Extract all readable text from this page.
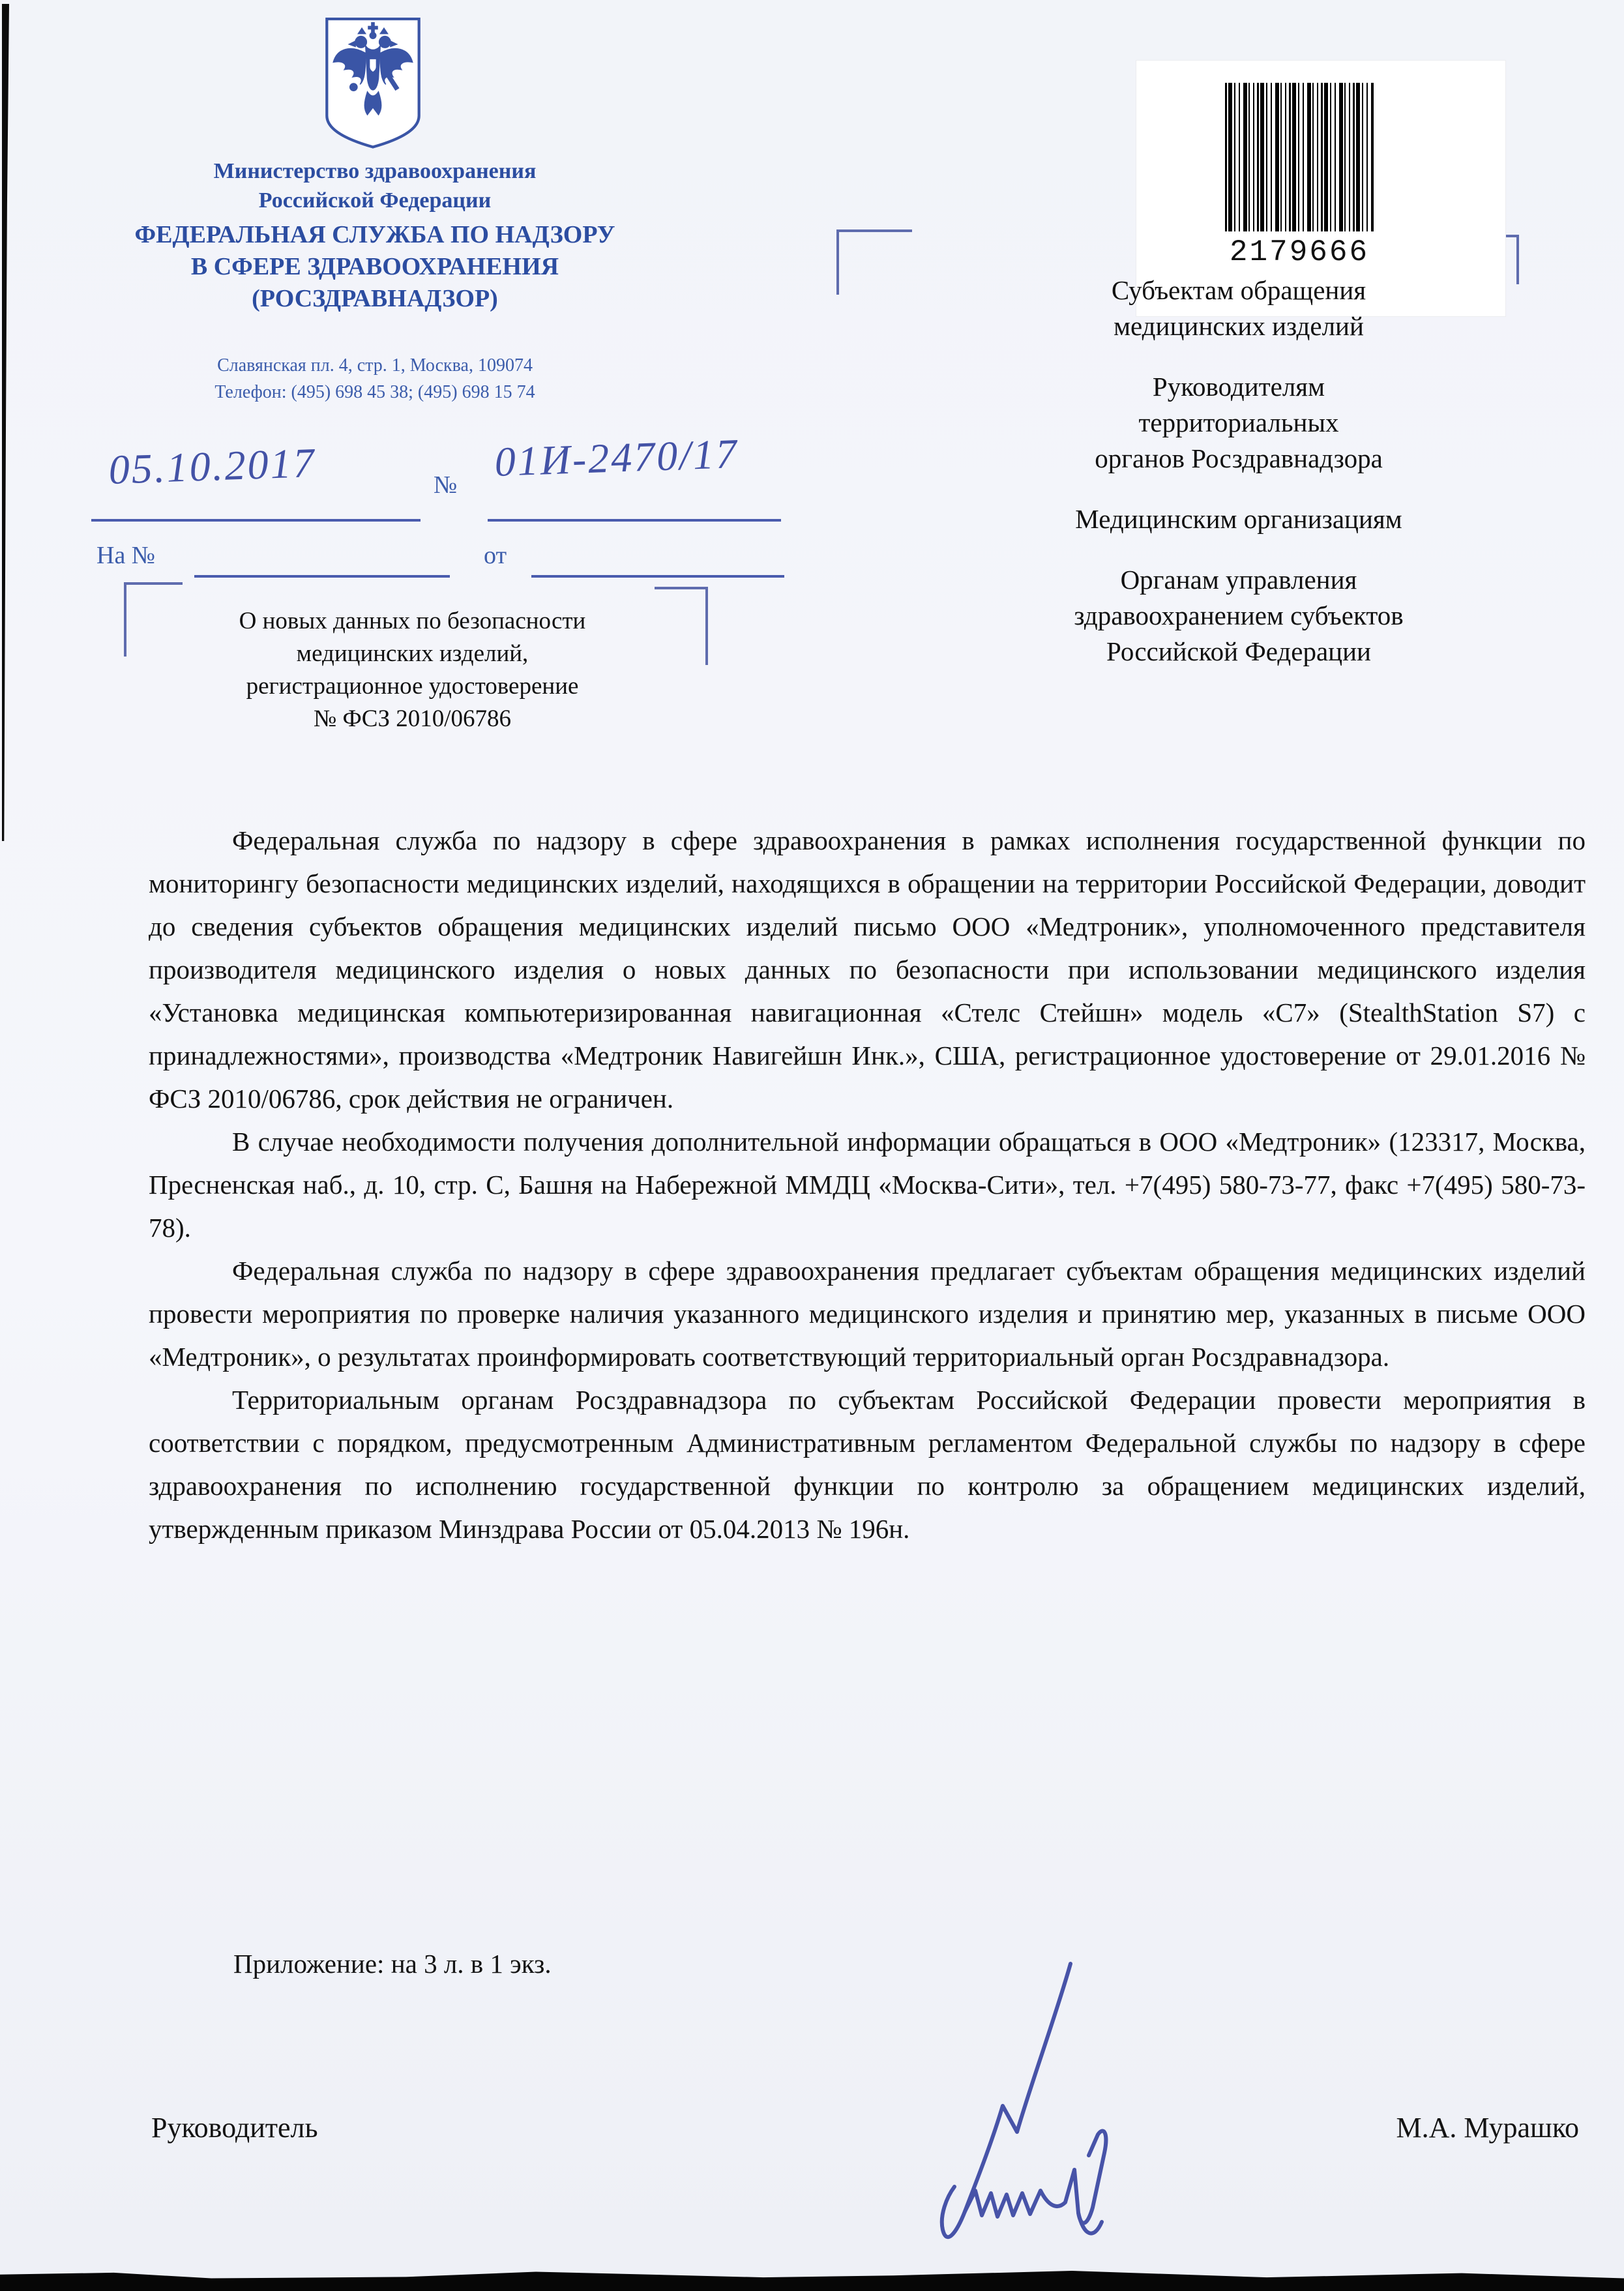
Министерство здравоохранения
Российской Федерации
ФЕДЕРАЛЬНАЯ СЛУЖБА ПО НАДЗОРУ
В СФЕРЕ ЗДРАВООХРАНЕНИЯ
(РОСЗДРАВНАДЗОР)
Славянская пл. 4, стр. 1, Москва, 109074
Телефон: (495) 698 45 38; (495) 698 15 74
05.10.2017	№ 01И-2470/17
На №	от
2179666
Субъектам обращения
медицинских изделий
Руководителям
территориальных
органов Росздравнадзора
Медицинским организациям
Органам управления
здравоохранением субъектов
Российской Федерации
О новых данных по безопасности
медицинских изделий,
регистрационное удостоверение
№ ФСЗ 2010/06786

Федеральная служба по надзору в сфере здравоохранения в рамках исполнения государственной функции по мониторингу безопасности медицинских изделий, находящихся в обращении на территории Российской Федерации, доводит до сведения субъектов обращения медицинских изделий письмо ООО «Медтроник», уполномоченного представителя производителя медицинского изделия о новых данных по безопасности при использовании медицинского изделия «Установка медицинская компьютеризированная навигационная «Стелс Стейшн» модель «С7» (StealthStation S7) с принадлежностями», производства «Медтроник Навигейшн Инк.», США, регистрационное удостоверение от 29.01.2016 № ФСЗ 2010/06786, срок действия не ограничен.

В случае необходимости получения дополнительной информации обращаться в ООО «Медтроник» (123317, Москва, Пресненская наб., д. 10, стр. С, Башня на Набережной ММДЦ «Москва-Сити», тел. +7(495) 580-73-77, факс +7(495) 580-73-78).

Федеральная служба по надзору в сфере здравоохранения предлагает субъектам обращения медицинских изделий провести мероприятия по проверке наличия указанного медицинского изделия и принятию мер, указанных в письме ООО «Медтроник», о результатах проинформировать соответствующий территориальный орган Росздравнадзора.

Территориальным органам Росздравнадзора по субъектам Российской Федерации провести мероприятия в соответствии с порядком, предусмотренным Административным регламентом Федеральной службы по надзору в сфере здравоохранения по исполнению государственной функции по контролю за обращением медицинских изделий, утвержденным приказом Минздрава России от 05.04.2013 № 196н.

Приложение: на 3 л. в 1 экз.
Руководитель	М.А. Мурашко
